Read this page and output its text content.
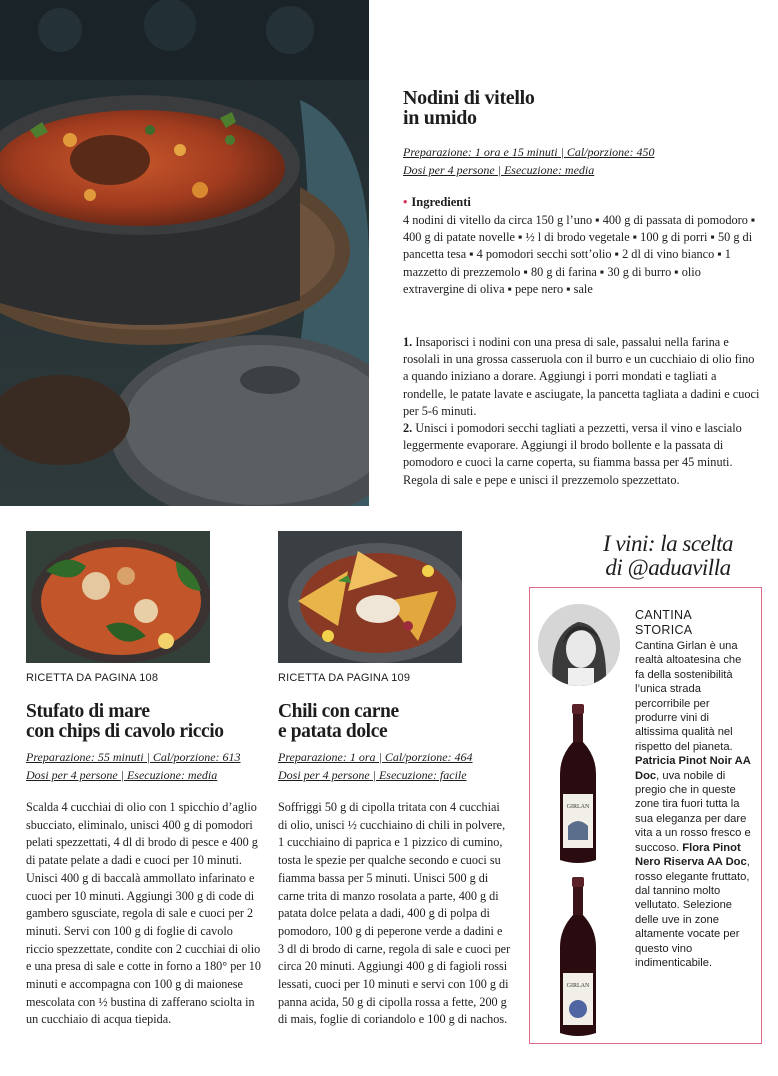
Nodini di vitello
in umido
Preparazione: 1 ora e 15 minuti | Cal/porzione: 450
Dosi per 4 persone | Esecuzione: media
• Ingredienti
4 nodini di vitello da circa 150 g l’uno ▪ 400 g di passata di pomodoro ▪ 400 g di patate novelle ▪ ½ l di brodo vegetale ▪ 100 g di porri ▪ 50 g di pancetta tesa ▪ 4 pomodori secchi sott’olio ▪ 2 dl di vino bianco ▪ 1 mazzetto di prezzemolo ▪ 80 g di farina ▪ 30 g di burro ▪ olio extravergine di oliva ▪ pepe nero ▪ sale

1. Insaporisci i nodini con una presa di sale, passalui nella farina e rosolali in una grossa casseruola con il burro e un cucchiaio di olio fino a quando iniziano a dorare. Aggiungi i porri mondati e tagliati a rondelle, le patate lavate e asciugate, la pancetta tagliata a dadini e cuoci per 5-6 minuti.

2. Unisci i pomodori secchi tagliati a pezzetti, versa il vino e lascialo leggermente evaporare. Aggiungi il brodo bollente e la passata di pomodoro e cuoci la carne coperta, su fiamma bassa per 45 minuti. Regola di sale e pepe e unisci il prezzemolo spezzettato.

RICETTA DA PAGINA 108
Stufato di mare
con chips di cavolo riccio
Preparazione: 55 minuti | Cal/porzione: 613
Dosi per 4 persone | Esecuzione: media
Scalda 4 cucchiai di olio con 1 spicchio d’aglio sbucciato, eliminalo, unisci 400 g di pomodori pelati spezzettati, 4 dl di brodo di pesce e 400 g di patate pelate a dadi e cuoci per 10 minuti. Unisci 400 g di baccalà ammollato infarinato e cuoci per 10 minuti. Aggiungi 300 g di code di gambero sgusciate, regola di sale e cuoci per 2 minuti. Servi con 100 g di foglie di cavolo riccio spezzettate, condite con 2 cucchiai di olio e una presa di sale e cotte in forno a 180° per 10 minuti e accompagna con 100 g di maionese mescolata con ½ bustina di zafferano sciolta in un cucchiaio di acqua tiepida.
RICETTA DA PAGINA 109
Chili con carne
e patata dolce
Preparazione: 1 ora | Cal/porzione: 464
Dosi per 4 persone | Esecuzione: facile
Soffriggi 50 g di cipolla tritata con 4 cucchiai di olio, unisci ½ cucchiaino di chili in polvere, 1 cucchiaino di paprica e 1 pizzico di cumino, tosta le spezie per qualche secondo e cuoci su fiamma bassa per 5 minuti. Unisci 500 g di carne trita di manzo rosolata a parte, 400 g di patata dolce pelata a dadi, 400 g di polpa di pomodoro, 100 g di peperone verde a dadini e 3 dl di brodo di carne, regola di sale e cuoci per circa 20 minuti. Aggiungi 400 g di fagioli rossi lessati, cuoci per 10 minuti e servi con 100 g di panna acida, 50 g di cipolla rossa a fette, 200 g di mais, foglie di coriandolo e 100 g di nachos.
I vini: la scelta
di @aduavilla
GIRLAN
GIRLAN
CANTINA
STORICA
Cantina Girlan è una realtà altoatesina che fa della sostenibilità l’unica strada percorribile per produrre vini di altissima qualità nel rispetto del pianeta. Patricia Pinot Noir AA Doc, uva nobile di pregio che in queste zone tira fuori tutta la sua eleganza per dare vita a un rosso fresco e succoso. Flora Pinot Nero Riserva AA Doc, rosso elegante fruttato, dal tannino molto vellutato. Selezione delle uve in zone altamente vocate per questo vino indimenticabile.
